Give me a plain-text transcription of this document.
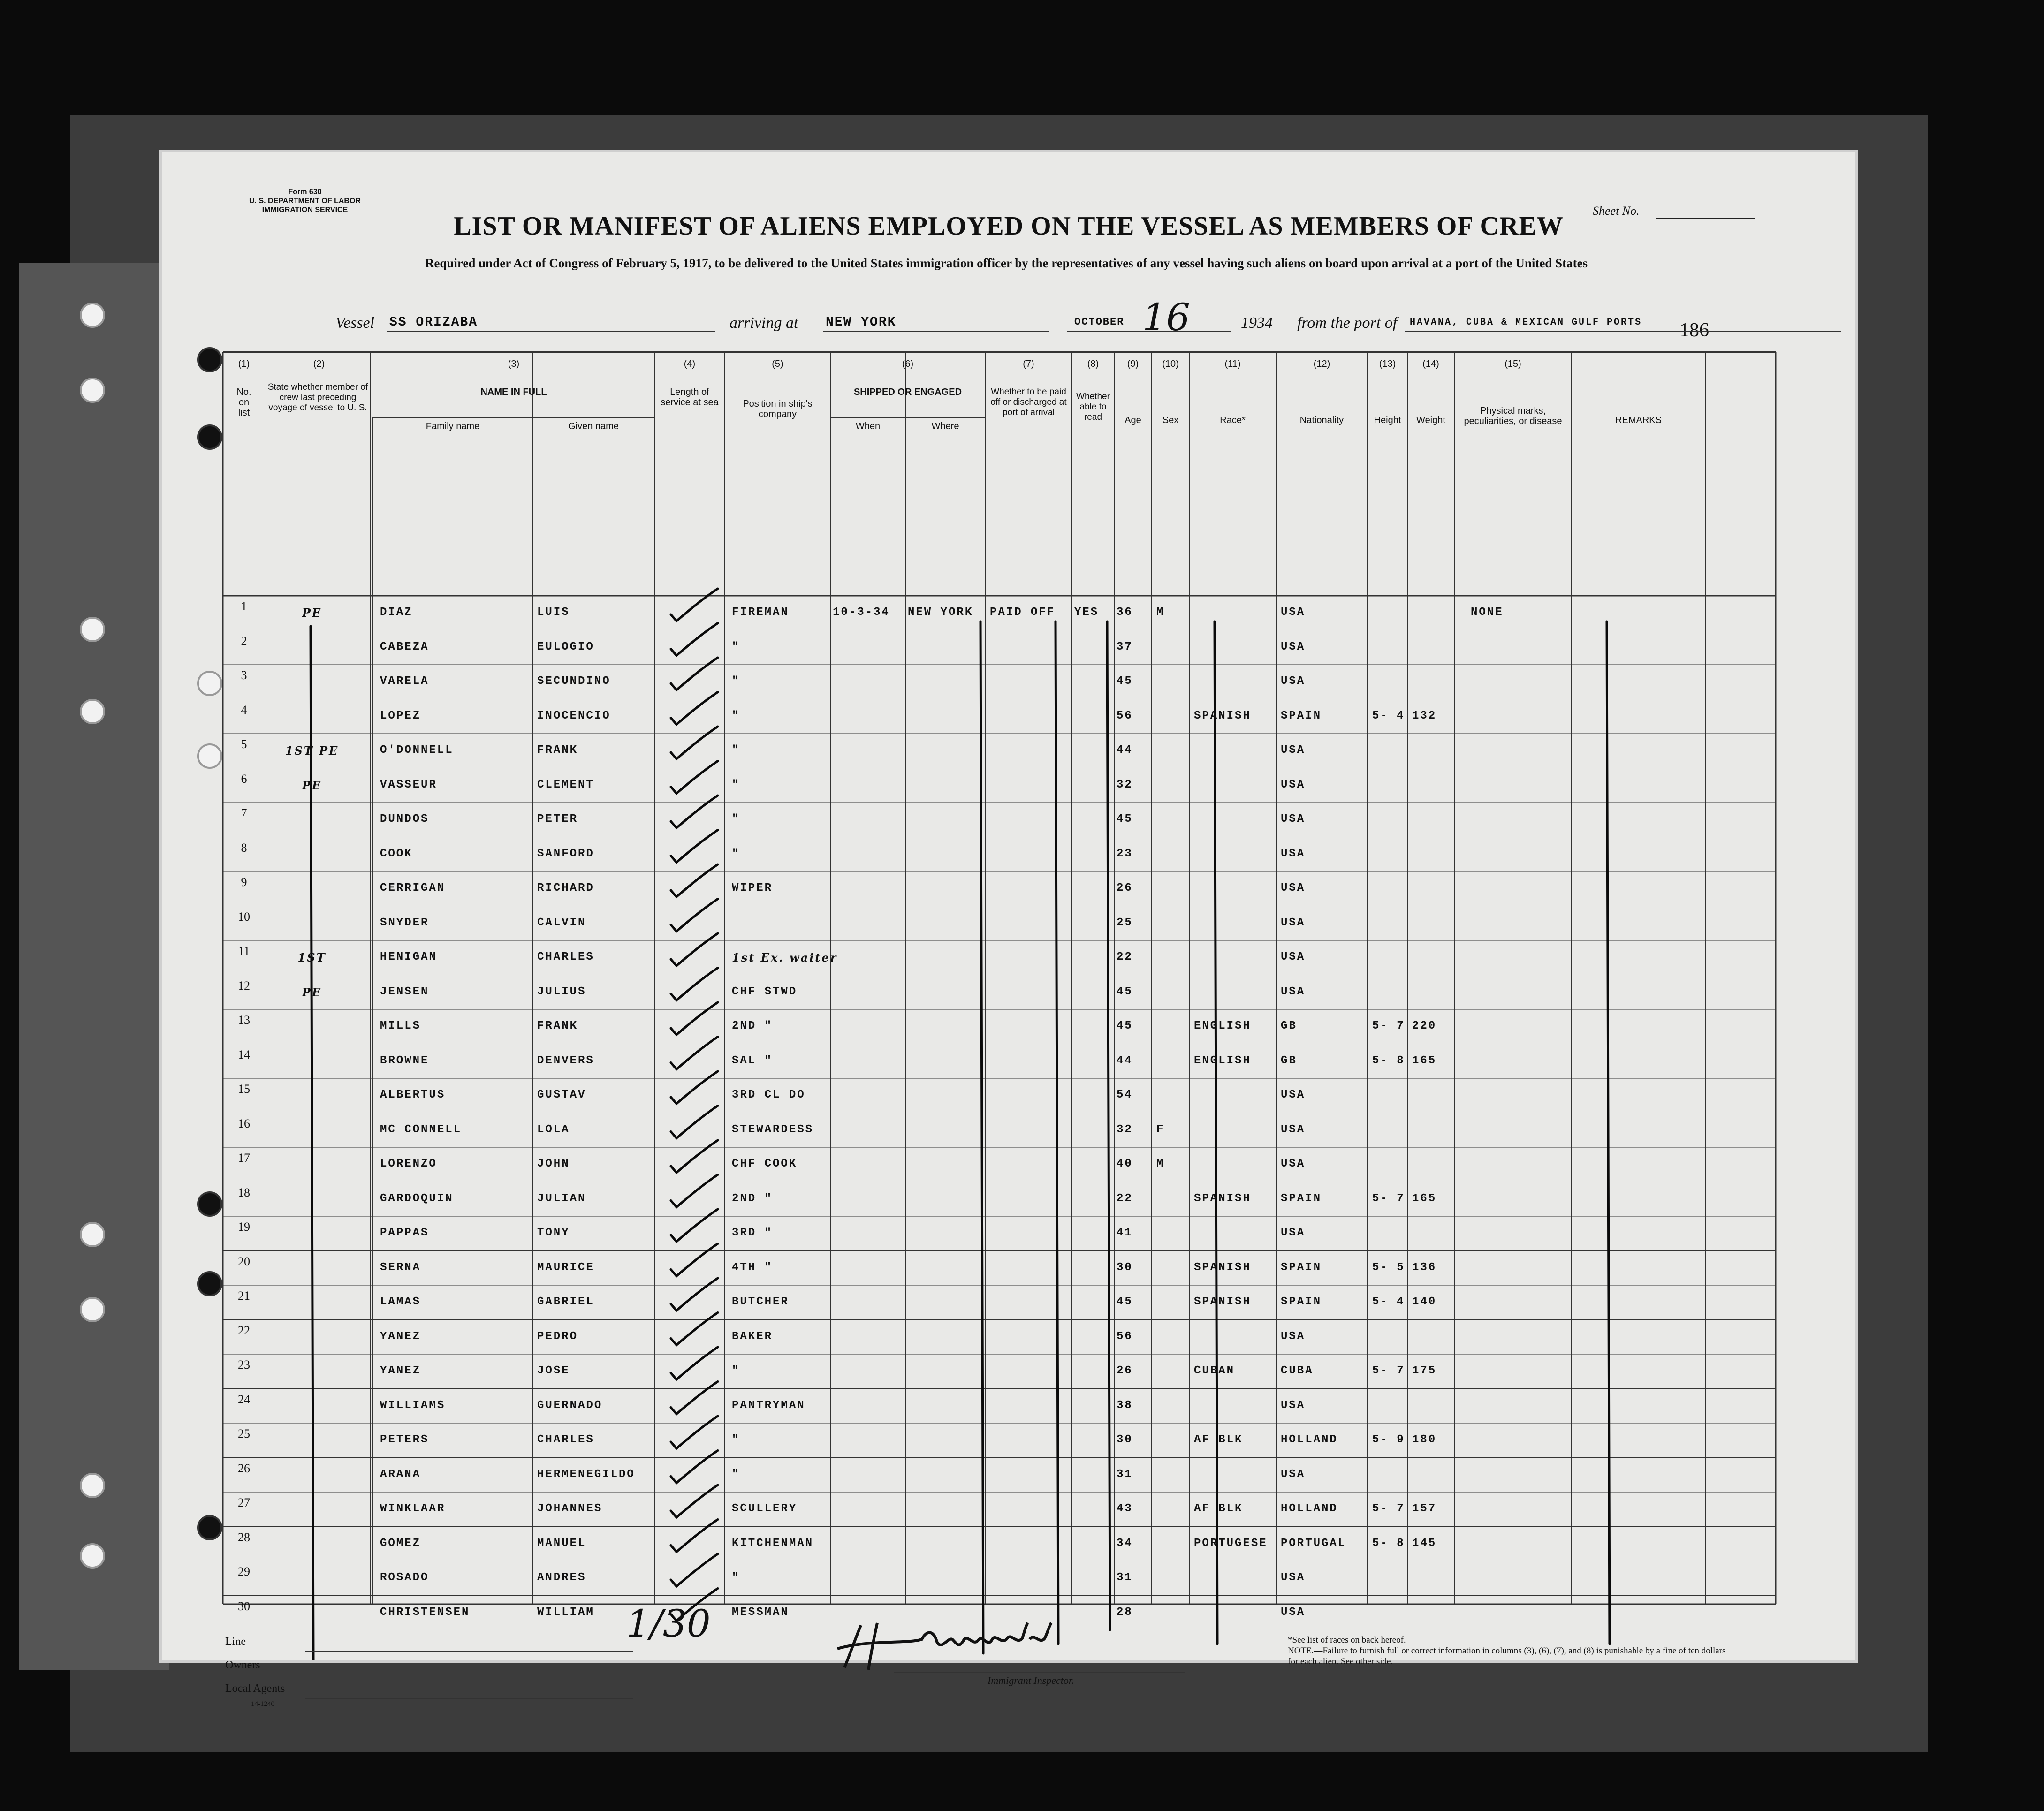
Form 630
U. S. DEPARTMENT OF LABOR
IMMIGRATION SERVICE
LIST OR MANIFEST OF ALIENS EMPLOYED ON THE VESSEL AS MEMBERS OF CREW
Required under Act of Congress of February 5, 1917, to be delivered to the United States immigration officer by the representatives of any vessel having such aliens on board upon arrival at a port of the United States
Sheet No.
186
Vessel SS ORIZABA	arriving at NEW YORK	OCTOBER 16	1934 from the port of HAVANA, CUBA & MEXICAN GULF PORTS
(1)
No. on list
(2)
State whether member of crew last preceding voyage of vessel to U. S.
(3)
NAME IN FULL
Family name	Given name
(4)
Length of service at sea
(5)
Position in ship's company
(6)
SHIPPED OR ENGAGED
When	Where
(7)
Whether to be paid off or discharged at port of arrival
(8)
Whether able to read
(9)
Age
(10)
Sex
(11)
Race*
(12)
Nationality
(13)
Height
(14)
Weight
(15)
Physical marks, peculiarities, or disease	REMARKS
1	PE	DIAZ	LUIS	FIREMAN	10-3-34 NEW YORK PAID OFF YES 36 M	USA	NONE
2	CABEZA	EULOGIO	"	37	USA
3	VARELA	SECUNDINO	"	45	USA
4	LOPEZ	INOCENCIO	"	56	SPANISH	SPAIN	5- 4 132
5	1ST PE	O'DONNELL	FRANK	"	44	USA
6	PE	VASSEUR	CLEMENT	"	32	USA
7	DUNDOS	PETER	"	45	USA
8	COOK	SANFORD	"	23	USA
9	CERRIGAN	RICHARD	WIPER	26	USA
10	SNYDER	CALVIN	25	USA
11	1ST	HENIGAN	CHARLES	1st Ex. waiter	22	USA
12	PE	JENSEN	JULIUS	CHF STWD	45	USA
13	MILLS	FRANK	2ND "	45	ENGLISH	GB	5- 7 220
14	BROWNE	DENVERS	SAL "	44	ENGLISH	GB	5- 8 165
15	ALBERTUS	GUSTAV	3RD CL DO	54	USA
16	MC CONNELL	LOLA	STEWARDESS	32 F	USA
17	LORENZO	JOHN	CHF COOK	40 M	USA
18	GARDOQUIN	JULIAN	2ND "	22	SPANISH	SPAIN	5- 7 165
19	PAPPAS	TONY	3RD "	41	USA
20	SERNA	MAURICE	4TH "	30	SPANISH	SPAIN	5- 5 136
21	LAMAS	GABRIEL	BUTCHER	45	SPANISH	SPAIN	5- 4 140
22	YANEZ	PEDRO	BAKER	56	USA
23	YANEZ	JOSE	"	26	CUBAN	CUBA	5- 7 175
24	WILLIAMS	GUERNADO	PANTRYMAN	38	USA
25	PETERS	CHARLES	"	30	AF BLK	HOLLAND	5- 9 180
26	ARANA	HERMENEGILDO	"	31	USA
27	WINKLAAR	JOHANNES	SCULLERY	43	AF BLK	HOLLAND	5- 7 157
28	GOMEZ	MANUEL	KITCHENMAN	34	PORTUGESE PORTUGAL 5- 8 145
29	ROSADO	ANDRES	"	31	USA
30	CHRISTENSEN	WILLIAM	MESSMAN	28	USA
Line
Owners
Local Agents
14-1240
1/30
Immigrant Inspector.
*See list of races on back hereof.
NOTE.—Failure to furnish full or correct information in columns (3), (6), (7), and (8) is punishable by a fine of ten dollars for each alien. See other side.
